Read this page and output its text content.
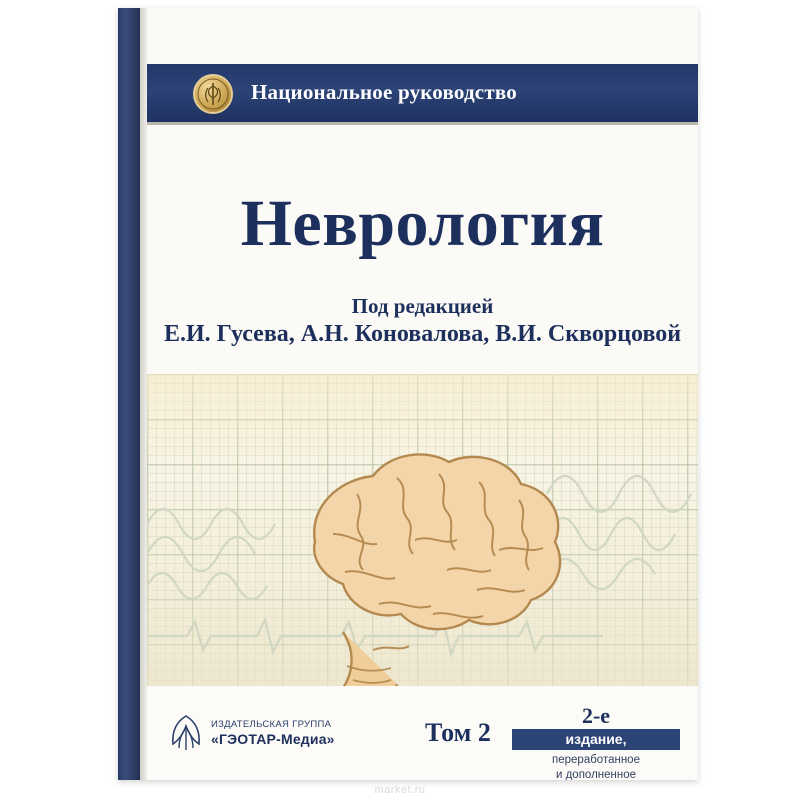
Национальное руководство
Неврология
Под редакцией
Е.И. Гусева, А.Н. Коновалова, В.И. Скворцовой
ИЗДАТЕЛЬСКАЯ ГРУППА
«ГЭОТАР-Медиа»	Том 2
2-е
издание,
переработанное
и дополненное
market.ru
